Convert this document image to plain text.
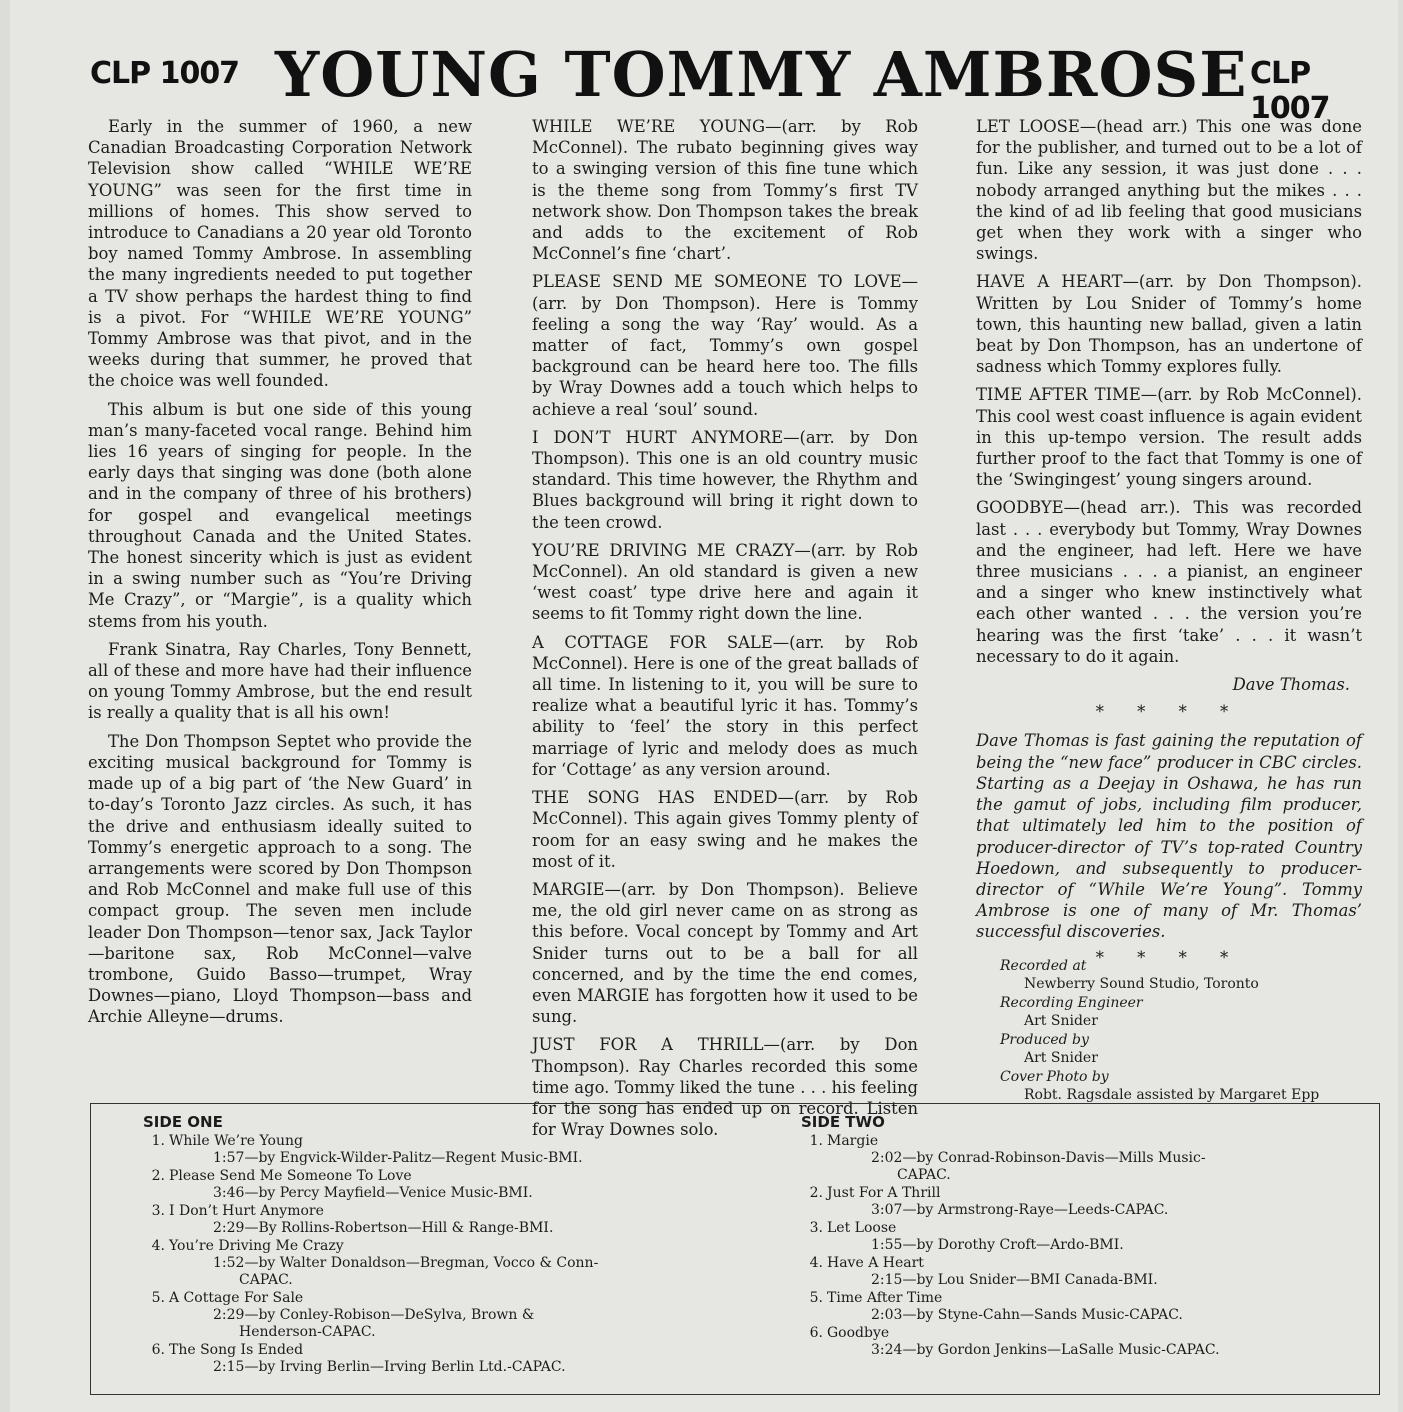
CLP 1007 YOUNG TOMMY AMBROSE CLP 1007

Early in the summer of 1960, a new Canadian Broadcasting Corporation Network Television show called “WHILE WE’RE YOUNG” was seen for the first time in millions of homes. This show served to introduce to Canadians a 20 year old Toronto boy named Tommy Ambrose. In assembling the many ingredients needed to put together a TV show perhaps the hardest thing to find is a pivot. For “WHILE WE’RE YOUNG” Tommy Ambrose was that pivot, and in the weeks during that summer, he proved that the choice was well founded.

This album is but one side of this young man’s many-faceted vocal range. Behind him lies 16 years of singing for people. In the early days that singing was done (both alone and in the company of three of his brothers) for gospel and evangelical meetings throughout Canada and the United States. The honest sincerity which is just as evident in a swing number such as “You’re Driving Me Crazy”, or “Margie”, is a quality which stems from his youth.

Frank Sinatra, Ray Charles, Tony Bennett, all of these and more have had their influence on young Tommy Ambrose, but the end result is really a quality that is all his own!

The Don Thompson Septet who provide the exciting musical background for Tommy is made up of a big part of ‘the New Guard’ in to-day’s Toronto Jazz circles. As such, it has the drive and enthusiasm ideally suited to Tommy’s energetic approach to a song. The arrangements were scored by Don Thompson and Rob McConnel and make full use of this compact group. The seven men include leader Don Thompson—tenor sax, Jack Taylor—baritone sax, Rob McConnel—valve trombone, Guido Basso—trumpet, Wray Downes—piano, Lloyd Thompson—bass and Archie Alleyne—drums.

WHILE WE’RE YOUNG—(arr. by Rob McConnel). The rubato beginning gives way to a swinging version of this fine tune which is the theme song from Tommy’s first TV network show. Don Thompson takes the break and adds to the excitement of Rob McConnel’s fine ‘chart’.

PLEASE SEND ME SOMEONE TO LOVE—(arr. by Don Thompson). Here is Tommy feeling a song the way ‘Ray’ would. As a matter of fact, Tommy’s own gospel background can be heard here too. The fills by Wray Downes add a touch which helps to achieve a real ‘soul’ sound.

I DON’T HURT ANYMORE—(arr. by Don Thompson). This one is an old country music standard. This time however, the Rhythm and Blues background will bring it right down to the teen crowd.

YOU’RE DRIVING ME CRAZY—(arr. by Rob McConnel). An old standard is given a new ‘west coast’ type drive here and again it seems to fit Tommy right down the line.

A COTTAGE FOR SALE—(arr. by Rob McConnel). Here is one of the great ballads of all time. In listening to it, you will be sure to realize what a beautiful lyric it has. Tommy’s ability to ‘feel’ the story in this perfect marriage of lyric and melody does as much for ‘Cottage’ as any version around.

THE SONG HAS ENDED—(arr. by Rob McConnel). This again gives Tommy plenty of room for an easy swing and he makes the most of it.

MARGIE—(arr. by Don Thompson). Believe me, the old girl never came on as strong as this before. Vocal concept by Tommy and Art Snider turns out to be a ball for all concerned, and by the time the end comes, even MARGIE has forgotten how it used to be sung.

JUST FOR A THRILL—(arr. by Don Thompson). Ray Charles recorded this some time ago. Tommy liked the tune . . . his feeling for the song has ended up on record. Listen for Wray Downes solo.

LET LOOSE—(head arr.) This one was done for the publisher, and turned out to be a lot of fun. Like any session, it was just done . . . nobody arranged anything but the mikes . . . the kind of ad lib feeling that good musicians get when they work with a singer who swings.

HAVE A HEART—(arr. by Don Thompson). Written by Lou Snider of Tommy’s home town, this haunting new ballad, given a latin beat by Don Thompson, has an undertone of sadness which Tommy explores fully.

TIME AFTER TIME—(arr. by Rob McConnel). This cool west coast influence is again evident in this up-tempo version. The result adds further proof to the fact that Tommy is one of the ‘Swingingest’ young singers around.

GOODBYE—(head arr.). This was recorded last . . . everybody but Tommy, Wray Downes and the engineer, had left. Here we have three musicians . . . a pianist, an engineer and a singer who knew instinctively what each other wanted . . . the version you’re hearing was the first ‘take’ . . . it wasn’t necessary to do it again.

Dave Thomas.
* * * *
Dave Thomas is fast gaining the reputation of being the “new face” producer in CBC circles. Starting as a Deejay in Oshawa, he has run the gamut of jobs, including film producer, that ultimately led him to the position of producer-director of TV’s top-rated Country Hoedown, and subsequently to producer-director of “While We’re Young”. Tommy Ambrose is one of many of Mr. Thomas’ successful discoveries.
* * * *
Recorded at
Newberry Sound Studio, Toronto
Recording Engineer
Art Snider
Produced by
Art Snider
Cover Photo by
Robt. Ragsdale assisted by Margaret Epp
SIDE ONE
1. While We’re Young
1:57—by Engvick-Wilder-Palitz—Regent Music-BMI.
2. Please Send Me Someone To Love
3:46—by Percy Mayfield—Venice Music-BMI.
3. I Don’t Hurt Anymore
2:29—By Rollins-Robertson—Hill & Range-BMI.
4. You’re Driving Me Crazy
1:52—by Walter Donaldson—Bregman, Vocco & Conn-
CAPAC.
5. A Cottage For Sale
2:29—by Conley-Robison—DeSylva, Brown &
Henderson-CAPAC.
6. The Song Is Ended
2:15—by Irving Berlin—Irving Berlin Ltd.-CAPAC.
SIDE TWO
1. Margie
2:02—by Conrad-Robinson-Davis—Mills Music-
CAPAC.
2. Just For A Thrill
3:07—by Armstrong-Raye—Leeds-CAPAC.
3. Let Loose
1:55—by Dorothy Croft—Ardo-BMI.
4. Have A Heart
2:15—by Lou Snider—BMI Canada-BMI.
5. Time After Time
2:03—by Styne-Cahn—Sands Music-CAPAC.
6. Goodbye
3:24—by Gordon Jenkins—LaSalle Music-CAPAC.
